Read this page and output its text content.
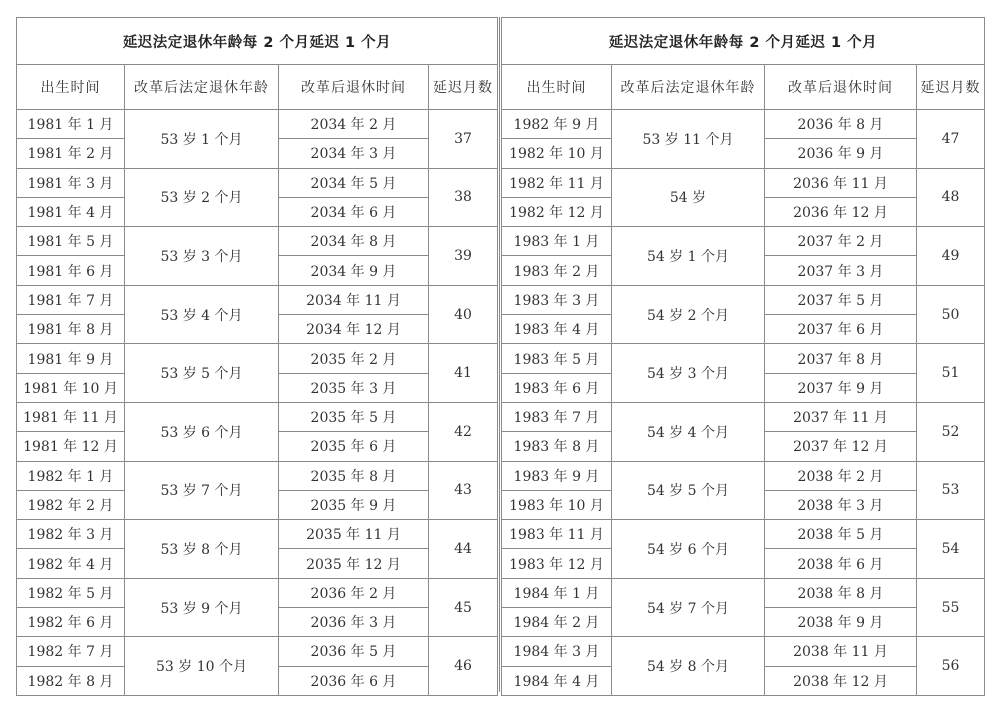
延迟法定退休年龄每 2 个月延迟 1 个月			
出生时间	改革后法定退休年龄	改革后退休时间	延迟月数
1981 年 1 月	53 岁 1 个月	2034 年 2 月	37
1981 年 2 月		2034 年 3 月	
1981 年 3 月	53 岁 2 个月	2034 年 5 月	38
1981 年 4 月		2034 年 6 月	
1981 年 5 月	53 岁 3 个月	2034 年 8 月	39
1981 年 6 月		2034 年 9 月	
1981 年 7 月	53 岁 4 个月	2034 年 11 月	40
1981 年 8 月		2034 年 12 月	
1981 年 9 月	53 岁 5 个月	2035 年 2 月	41
1981 年 10 月		2035 年 3 月	
1981 年 11 月	53 岁 6 个月	2035 年 5 月	42
1981 年 12 月		2035 年 6 月	
1982 年 1 月	53 岁 7 个月	2035 年 8 月	43
1982 年 2 月		2035 年 9 月	
1982 年 3 月	53 岁 8 个月	2035 年 11 月	44
1982 年 4 月		2035 年 12 月	
1982 年 5 月	53 岁 9 个月	2036 年 2 月	45
1982 年 6 月		2036 年 3 月	
1982 年 7 月	53 岁 10 个月	2036 年 5 月	46
1982 年 8 月		2036 年 6 月	
延迟法定退休年龄每 2 个月延迟 1 个月			
出生时间	改革后法定退休年龄	改革后退休时间	延迟月数
1982 年 9 月	53 岁 11 个月	2036 年 8 月	47
1982 年 10 月		2036 年 9 月	
1982 年 11 月	54 岁	2036 年 11 月	48
1982 年 12 月		2036 年 12 月	
1983 年 1 月	54 岁 1 个月	2037 年 2 月	49
1983 年 2 月		2037 年 3 月	
1983 年 3 月	54 岁 2 个月	2037 年 5 月	50
1983 年 4 月		2037 年 6 月	
1983 年 5 月	54 岁 3 个月	2037 年 8 月	51
1983 年 6 月		2037 年 9 月	
1983 年 7 月	54 岁 4 个月	2037 年 11 月	52
1983 年 8 月		2037 年 12 月	
1983 年 9 月	54 岁 5 个月	2038 年 2 月	53
1983 年 10 月		2038 年 3 月	
1983 年 11 月	54 岁 6 个月	2038 年 5 月	54
1983 年 12 月		2038 年 6 月	
1984 年 1 月	54 岁 7 个月	2038 年 8 月	55
1984 年 2 月		2038 年 9 月	
1984 年 3 月	54 岁 8 个月	2038 年 11 月	56
1984 年 4 月		2038 年 12 月	
